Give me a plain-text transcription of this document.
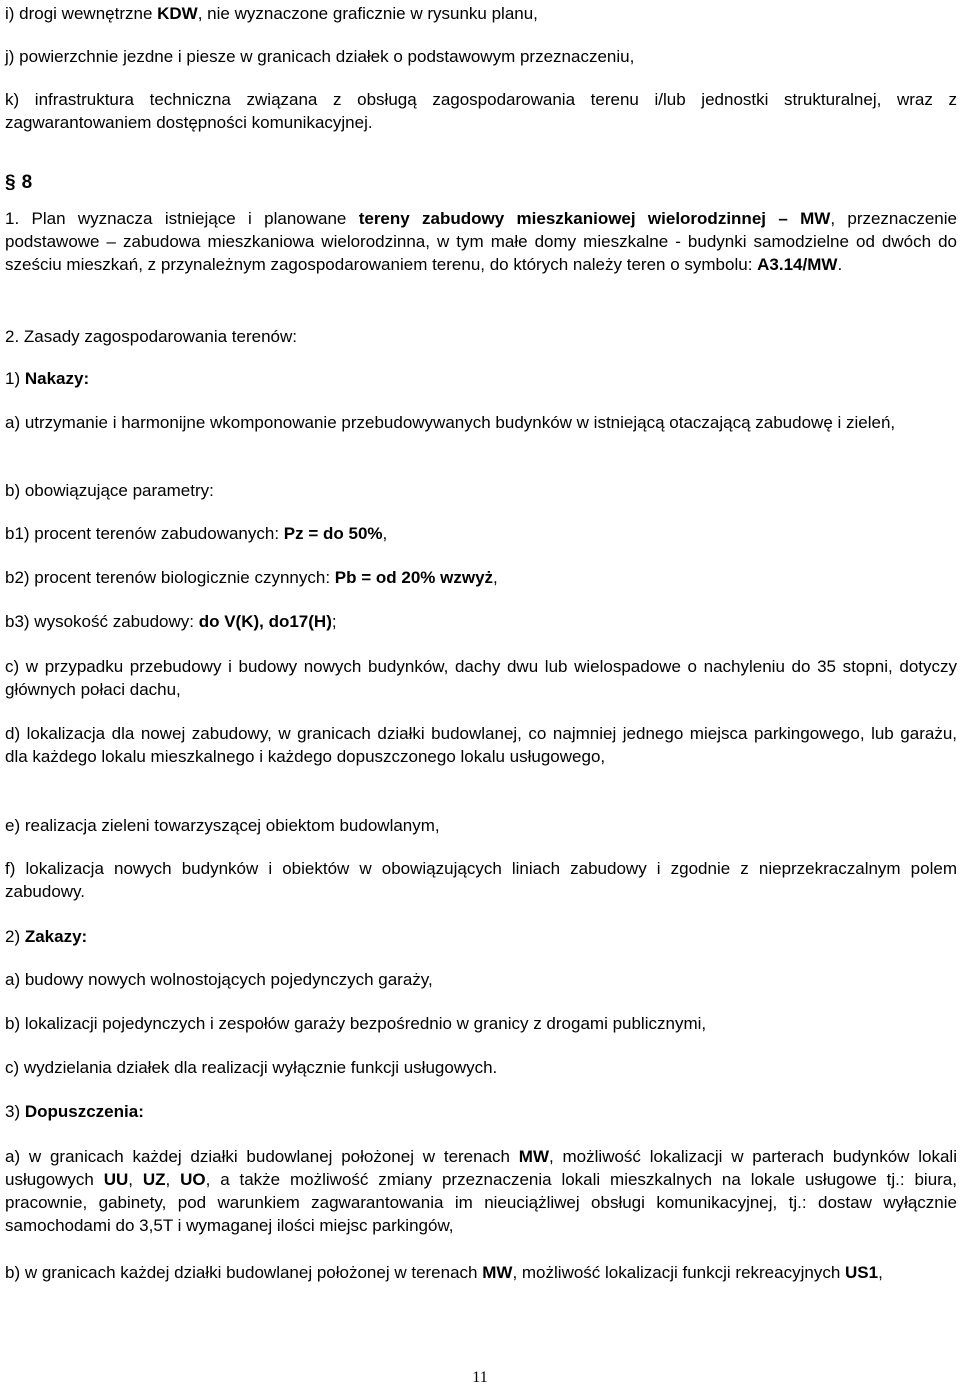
i) drogi wewnętrzne KDW, nie wyznaczone graficznie w rysunku planu,

j) powierzchnie jezdne i piesze w granicach działek o podstawowym przeznaczeniu,

k) infrastruktura techniczna związana z obsługą zagospodarowania terenu i/lub jednostki strukturalnej, wraz z zagwarantowaniem dostępności komunikacyjnej.

§ 8

1. Plan wyznacza istniejące i planowane tereny zabudowy mieszkaniowej wielorodzinnej – MW, przeznaczenie podstawowe – zabudowa mieszkaniowa wielorodzinna, w tym małe domy mieszkalne - budynki samodzielne od dwóch do sześciu mieszkań, z przynależnym zagospodarowaniem terenu, do których należy teren o symbolu: A3.14/MW.

2. Zasady zagospodarowania terenów:

1) Nakazy:

a) utrzymanie i harmonijne wkomponowanie przebudowywanych budynków w istniejącą otaczającą zabudowę i zieleń,

b) obowiązujące parametry:

b1) procent terenów zabudowanych: Pz = do 50%,

b2) procent terenów biologicznie czynnych: Pb = od 20% wzwyż,

b3) wysokość zabudowy: do V(K), do17(H);

c) w przypadku przebudowy i budowy nowych budynków, dachy dwu lub wielospadowe o nachyleniu do 35 stopni, dotyczy głównych połaci dachu,

d) lokalizacja dla nowej zabudowy, w granicach działki budowlanej, co najmniej jednego miejsca parkingowego, lub garażu, dla każdego lokalu mieszkalnego i każdego dopuszczonego lokalu usługowego,

e) realizacja zieleni towarzyszącej obiektom budowlanym,

f) lokalizacja nowych budynków i obiektów w obowiązujących liniach zabudowy i zgodnie z nieprzekraczalnym polem zabudowy.

2) Zakazy:

a) budowy nowych wolnostojących pojedynczych garaży,

b) lokalizacji pojedynczych i zespołów garaży bezpośrednio w granicy z drogami publicznymi,

c) wydzielania działek dla realizacji wyłącznie funkcji usługowych.

3) Dopuszczenia:

a) w granicach każdej działki budowlanej położonej w terenach MW, możliwość lokalizacji w parterach budynków lokali usługowych UU, UZ, UO, a także możliwość zmiany przeznaczenia lokali mieszkalnych na lokale usługowe tj.: biura, pracownie, gabinety, pod warunkiem zagwarantowania im nieuciążliwej obsługi komunikacyjnej, tj.: dostaw wyłącznie samochodami do 3,5T i wymaganej ilości miejsc parkingów,

b) w granicach każdej działki budowlanej położonej w terenach MW, możliwość lokalizacji funkcji rekreacyjnych US1,

11
